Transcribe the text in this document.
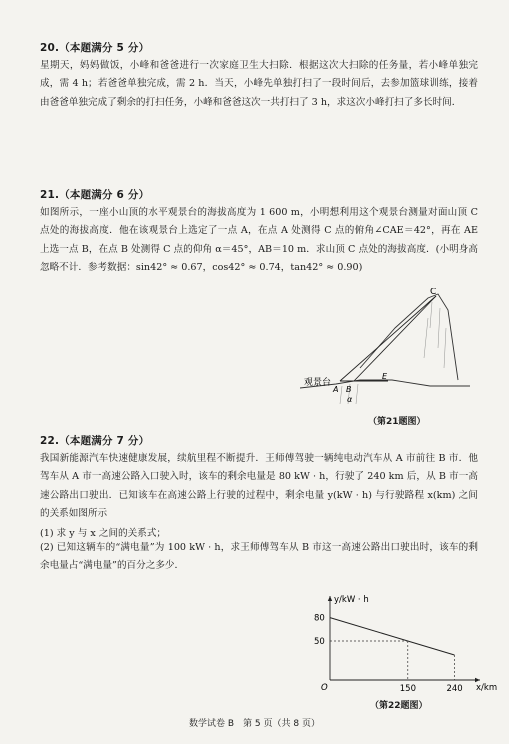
20.（本题满分 5 分）
星期天，妈妈做饭，小峰和爸爸进行一次家庭卫生大扫除．根据这次大扫除的任务量，若小峰单独完成，需 4 h；若爸爸单独完成，需 2 h．当天，小峰先单独打扫了一段时间后，去参加篮球训练，接着由爸爸单独完成了剩余的打扫任务，小峰和爸爸这次一共打扫了 3 h，求这次小峰打扫了多长时间．
21.（本题满分 6 分）
如图所示，一座小山顶的水平观景台的海拔高度为 1 600 m，小明想利用这个观景台测量对面山顶 C 点处的海拔高度．他在该观景台上选定了一点 A，在点 A 处测得 C 点的俯角∠CAE＝42°，再在 AE 上选一点 B，在点 B 处测得 C 点的仰角 α＝45°，AB＝10 m．求山顶 C 点处的海拔高度．(小明身高忽略不计．参考数据：sin42° ≈ 0.67，cos42° ≈ 0.74，tan42° ≈ 0.90)
C
观景台
A B
E
α
（第21题图）
22.（本题满分 7 分）
我国新能源汽车快速健康发展，续航里程不断提升．王师傅驾驶一辆纯电动汽车从 A 市前往 B 市．他驾车从 A 市一高速公路入口驶入时，该车的剩余电量是 80 kW · h，行驶了 240 km 后，从 B 市一高速公路出口驶出．已知该车在高速公路上行驶的过程中，剩余电量 y(kW · h) 与行驶路程 x(km) 之间的关系如图所示
(1) 求 y 与 x 之间的关系式；
(2) 已知这辆车的“满电量”为 100 kW · h，求王师傅驾车从 B 市这一高速公路出口驶出时，该车的剩余电量占“满电量”的百分之多少．
y/kW · h
x/km
O
80
50
150	240
（第22题图）
数学试卷 B　第 5 页（共 8 页）
